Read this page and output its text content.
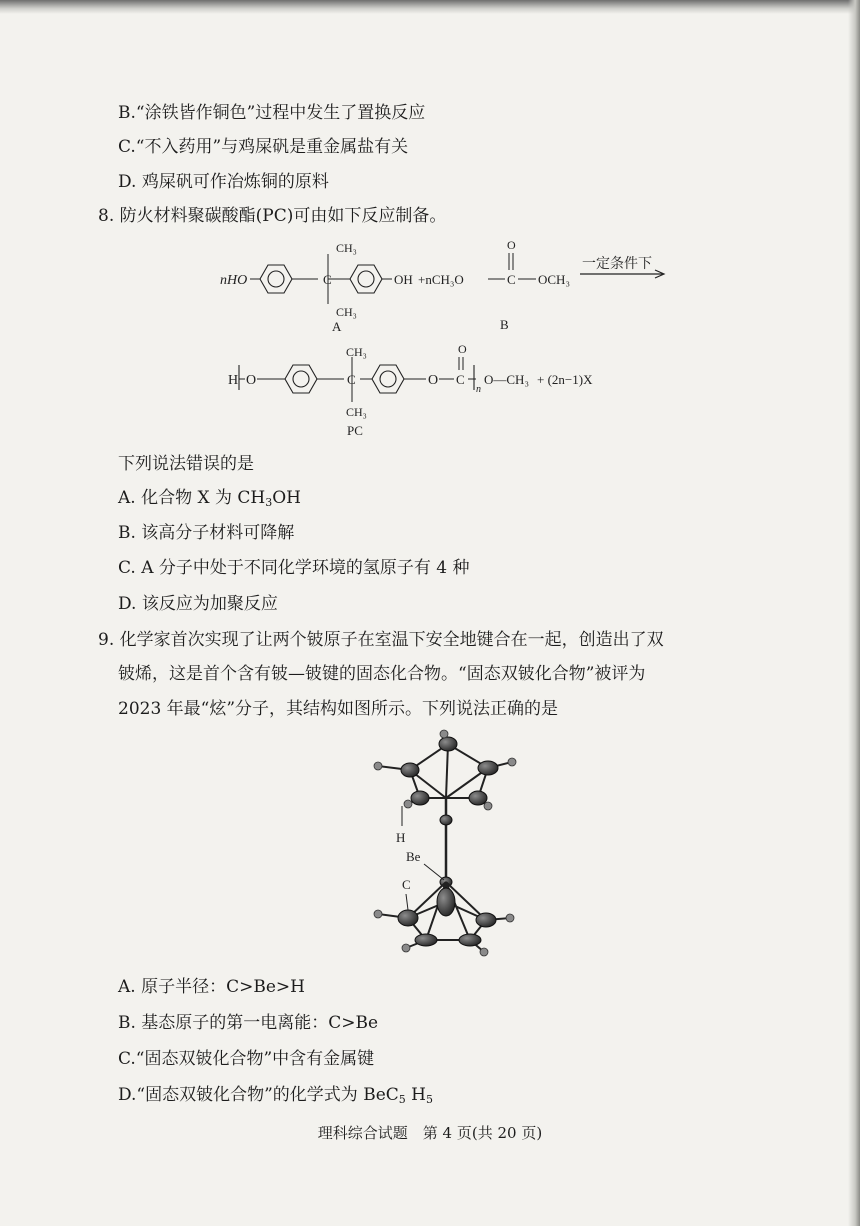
B.“涂铁皆作铜色”过程中发生了置换反应
C.“不入药用”与鸡屎矾是重金属盐有关
D. 鸡屎矾可作冶炼铜的原料
8. 防火材料聚碳酸酯(PC)可由如下反应制备。
nHO	C
CH₃
CH₃
OH +nCH₃O	C
O
OCH₃
一定条件下
A	B
H O	C
CH₃
CH₃
O C
O
n
O—CH₃ + (2n−1)X
PC
下列说法错误的是
A. 化合物 X 为 $CH_3OH$
B. 该高分子材料可降解
C. A 分子中处于不同化学环境的氢原子有 4 种
D. 该反应为加聚反应
9. 化学家首次实现了让两个铍原子在室温下安全地键合在一起，创造出了双
铍烯，这是首个含有铍—铍键的固态化合物。“固态双铍化合物”被评为
2023 年最“炫”分子，其结构如图所示。下列说法正确的是
H
Be
C
A. 原子半径：C>Be>H
B. 基态原子的第一电离能：C>Be
C.“固态双铍化合物”中含有金属键
D.“固态双铍化合物”的化学式为 BeC$_5$ $H_5$
理科综合试题　第 4 页(共 20 页)
